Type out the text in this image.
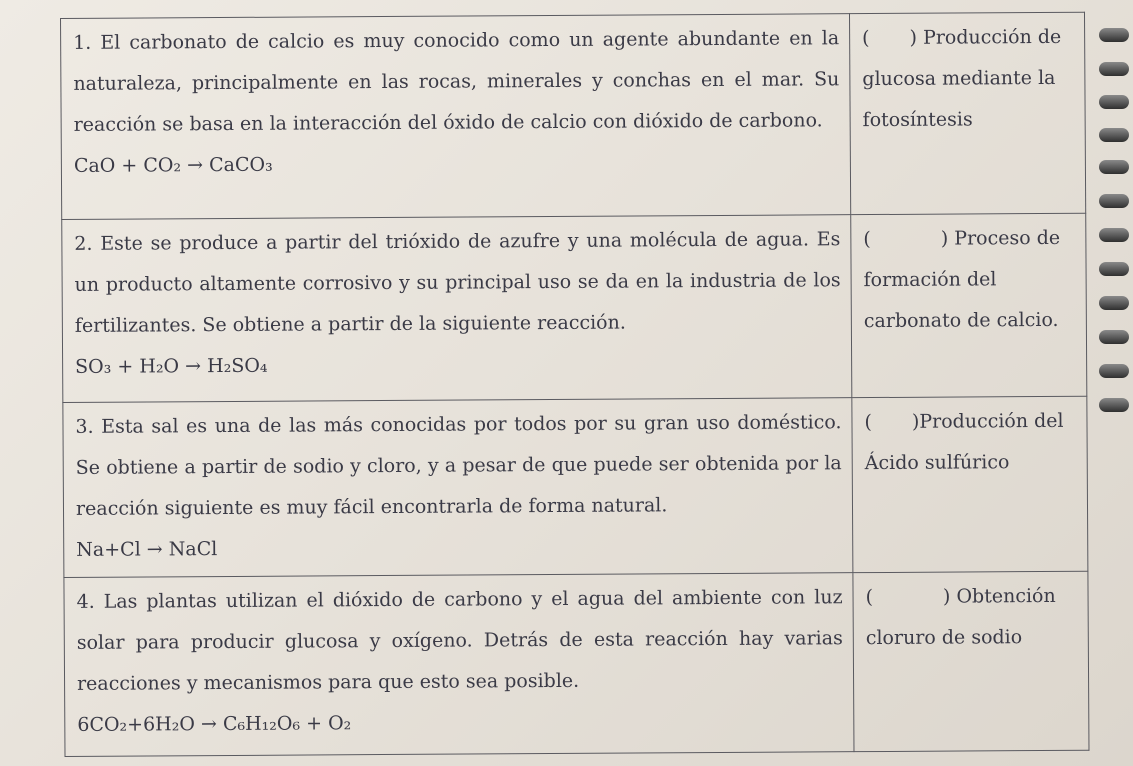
1. El carbonato de calcio es muy conocido como un agente abundante en la naturaleza, principalmente en las rocas, minerales y conchas en el mar. Su reacción se basa en la interacción del óxido de calcio con dióxido de carbono.
CaO + CO₂ → CaCO₃	( ) Producción de glucosa mediante la fotosíntesis

2. Este se produce a partir del trióxido de azufre y una molécula de agua. Es un producto altamente corrosivo y su principal uso se da en la industria de los fertilizantes. Se obtiene a partir de la siguiente reacción.
SO₃ + H₂O → H₂SO₄	( ) Proceso de formación del carbonato de calcio.

3. Esta sal es una de las más conocidas por todos por su gran uso doméstico. Se obtiene a partir de sodio y cloro, y a pesar de que puede ser obtenida por la reacción siguiente es muy fácil encontrarla de forma natural.
Na+Cl → NaCl	( )Producción del Ácido sulfúrico

4. Las plantas utilizan el dióxido de carbono y el agua del ambiente con luz solar para producir glucosa y oxígeno. Detrás de esta reacción hay varias reacciones y mecanismos para que esto sea posible.
6CO₂+6H₂O → C₆H₁₂O₆ + O₂	( ) Obtención cloruro de sodio
